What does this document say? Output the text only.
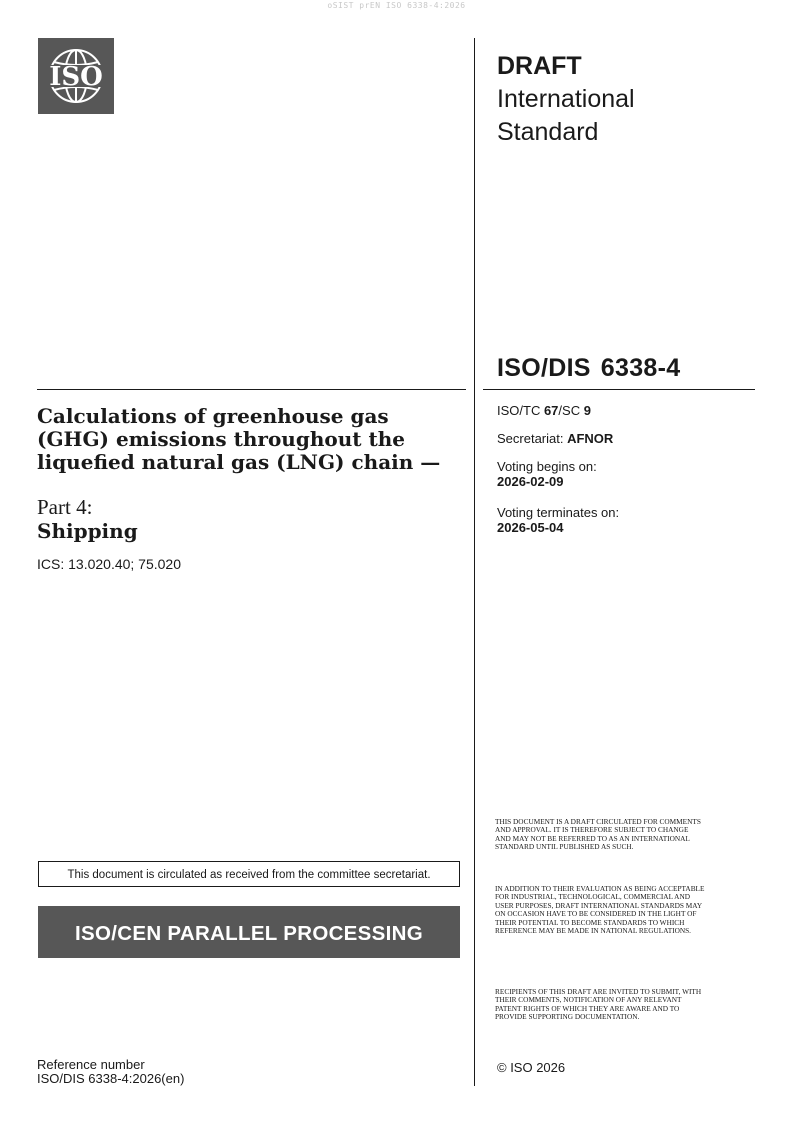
oSIST prEN ISO 6338-4:2026
ISO	DRAFT
International
Standard
ISO/DIS 6338-4
Calculations of greenhouse gas (GHG) emissions throughout the liquefied natural gas (LNG) chain —
Part 4:
Shipping
ICS: 13.020.40; 75.020
ISO/TC 67/SC 9
Secretariat: AFNOR
Voting begins on:
2026-02-09
Voting terminates on:
2026-05-04
This document is circulated as received from the committee secretariat.
ISO/CEN PARALLEL PROCESSING
THIS DOCUMENT IS A DRAFT CIRCULATED FOR COMMENTS AND APPROVAL. IT IS THEREFORE SUBJECT TO CHANGE AND MAY NOT BE REFERRED TO AS AN INTERNATIONAL STANDARD UNTIL PUBLISHED AS SUCH.
IN ADDITION TO THEIR EVALUATION AS BEING ACCEPTABLE FOR INDUSTRIAL, TECHNOLOGICAL, COMMERCIAL AND USER PURPOSES, DRAFT INTERNATIONAL STANDARDS MAY ON OCCASION HAVE TO BE CONSIDERED IN THE LIGHT OF THEIR POTENTIAL TO BECOME STANDARDS TO WHICH REFERENCE MAY BE MADE IN NATIONAL REGULATIONS.
RECIPIENTS OF THIS DRAFT ARE INVITED TO SUBMIT, WITH THEIR COMMENTS, NOTIFICATION OF ANY RELEVANT PATENT RIGHTS OF WHICH THEY ARE AWARE AND TO PROVIDE SUPPORTING DOCUMENTATION.
© ISO 2026
Reference number
ISO/DIS 6338-4:2026(en)
